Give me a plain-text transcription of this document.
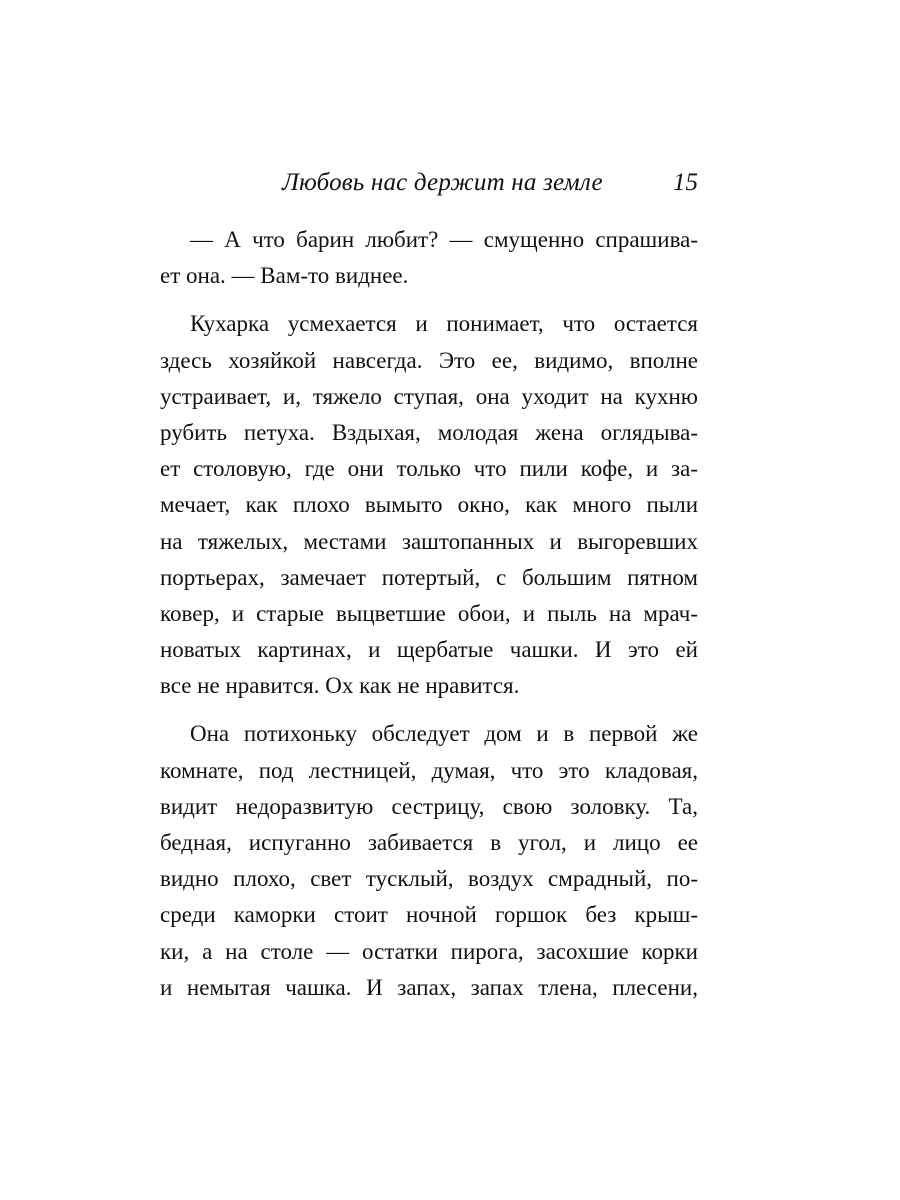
Любовь нас держит на земле	15
— А что барин любит? — смущенно спрашива-
ет она. — Вам-то виднее.
Кухарка усмехается и понимает, что остается
здесь хозяйкой навсегда. Это ее, видимо, вполне
устраивает, и, тяжело ступая, она уходит на кухню
рубить петуха. Вздыхая, молодая жена оглядыва-
ет столовую, где они только что пили кофе, и за-
мечает, как плохо вымыто окно, как много пыли
на тяжелых, местами заштопанных и выгоревших
портьерах, замечает потертый, с большим пятном
ковер, и старые выцветшие обои, и пыль на мрач-
новатых картинах, и щербатые чашки. И это ей
все не нравится. Ох как не нравится.
Она потихоньку обследует дом и в первой же
комнате, под лестницей, думая, что это кладовая,
видит недоразвитую сестрицу, свою золовку. Та,
бедная, испуганно забивается в угол, и лицо ее
видно плохо, свет тусклый, воздух смрадный, по-
среди каморки стоит ночной горшок без крыш-
ки, а на столе — остатки пирога, засохшие корки
и немытая чашка. И запах, запах тлена, плесени,
